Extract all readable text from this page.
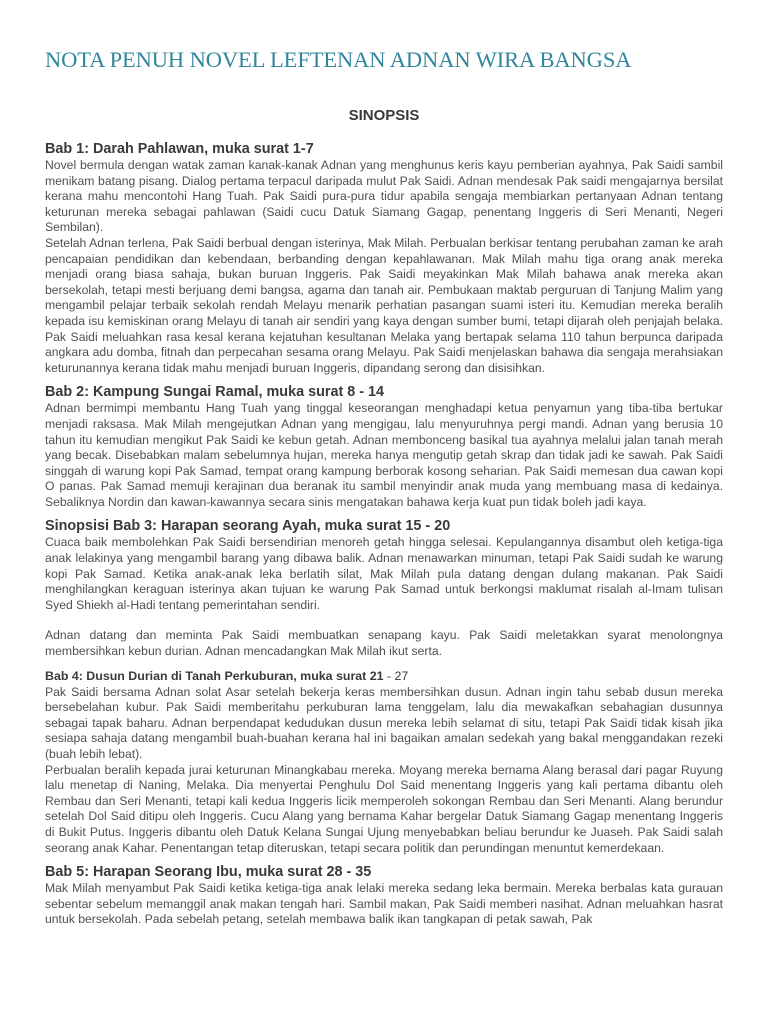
NOTA PENUH NOVEL LEFTENAN ADNAN WIRA BANGSA
SINOPSIS
Bab 1: Darah Pahlawan, muka surat 1-7

Novel bermula dengan watak zaman kanak-kanak Adnan yang menghunus keris kayu pemberian ayahnya, Pak Saidi sambil menikam batang pisang. Dialog pertama terpacul daripada mulut Pak Saidi. Adnan mendesak Pak saidi mengajarnya bersilat kerana mahu mencontohi Hang Tuah. Pak Saidi pura-pura tidur apabila sengaja membiarkan pertanyaan Adnan tentang keturunan mereka sebagai pahlawan (Saidi cucu Datuk Siamang Gagap, penentang Inggeris di Seri Menanti, Negeri Sembilan).

Setelah Adnan terlena, Pak Saidi berbual dengan isterinya, Mak Milah. Perbualan berkisar tentang perubahan zaman ke arah pencapaian pendidikan dan kebendaan, berbanding dengan kepahlawanan. Mak Milah mahu tiga orang anak mereka menjadi orang biasa sahaja, bukan buruan Inggeris. Pak Saidi meyakinkan Mak Milah bahawa anak mereka akan bersekolah, tetapi mesti berjuang demi bangsa, agama dan tanah air. Pembukaan maktab perguruan di Tanjung Malim yang mengambil pelajar terbaik sekolah rendah Melayu menarik perhatian pasangan suami isteri itu. Kemudian mereka beralih kepada isu kemiskinan orang Melayu di tanah air sendiri yang kaya dengan sumber bumi, tetapi dijarah oleh penjajah belaka. Pak Saidi meluahkan rasa kesal kerana kejatuhan kesultanan Melaka yang bertapak selama 110 tahun berpunca daripada angkara adu domba, fitnah dan perpecahan sesama orang Melayu. Pak Saidi menjelaskan bahawa dia sengaja merahsiakan keturunannya kerana tidak mahu menjadi buruan Inggeris, dipandang serong dan disisihkan.

Bab 2: Kampung Sungai Ramal, muka surat 8 - 14

Adnan bermimpi membantu Hang Tuah yang tinggal keseorangan menghadapi ketua penyamun yang tiba-tiba bertukar menjadi raksasa. Mak Milah mengejutkan Adnan yang mengigau, lalu menyuruhnya pergi mandi. Adnan yang berusia 10 tahun itu kemudian mengikut Pak Saidi ke kebun getah. Adnan membonceng basikal tua ayahnya melalui jalan tanah merah yang becak. Disebabkan malam sebelumnya hujan, mereka hanya mengutip getah skrap dan tidak jadi ke sawah. Pak Saidi singgah di warung kopi Pak Samad, tempat orang kampung berborak kosong seharian. Pak Saidi memesan dua cawan kopi O panas. Pak Samad memuji kerajinan dua beranak itu sambil menyindir anak muda yang membuang masa di kedainya. Sebaliknya Nordin dan kawan-kawannya secara sinis mengatakan bahawa kerja kuat pun tidak boleh jadi kaya.

Sinopsisi Bab 3: Harapan seorang Ayah, muka surat 15 - 20

Cuaca baik membolehkan Pak Saidi bersendirian menoreh getah hingga selesai. Kepulangannya disambut oleh ketiga-tiga anak lelakinya yang mengambil barang yang dibawa balik. Adnan menawarkan minuman, tetapi Pak Saidi sudah ke warung kopi Pak Samad. Ketika anak-anak leka berlatih silat, Mak Milah pula datang dengan dulang makanan. Pak Saidi menghilangkan keraguan isterinya akan tujuan ke warung Pak Samad untuk berkongsi maklumat risalah al-Imam tulisan Syed Shiekh al-Hadi tentang pemerintahan sendiri.

Adnan datang dan meminta Pak Saidi membuatkan senapang kayu. Pak Saidi meletakkan syarat menolongnya membersihkan kebun durian. Adnan mencadangkan Mak Milah ikut serta.

Bab 4: Dusun Durian di Tanah Perkuburan, muka surat 21 - 27

Pak Saidi bersama Adnan solat Asar setelah bekerja keras membersihkan dusun. Adnan ingin tahu sebab dusun mereka bersebelahan kubur. Pak Saidi memberitahu perkuburan lama tenggelam, lalu dia mewakafkan sebahagian dusunnya sebagai tapak baharu. Adnan berpendapat kedudukan dusun mereka lebih selamat di situ, tetapi Pak Saidi tidak kisah jika sesiapa sahaja datang mengambil buah-buahan kerana hal ini bagaikan amalan sedekah yang bakal menggandakan rezeki (buah lebih lebat).

Perbualan beralih kepada jurai keturunan Minangkabau mereka. Moyang mereka bernama Alang berasal dari pagar Ruyung lalu menetap di Naning, Melaka. Dia menyertai Penghulu Dol Said menentang Inggeris yang kali pertama dibantu oleh Rembau dan Seri Menanti, tetapi kali kedua Inggeris licik memperoleh sokongan Rembau dan Seri Menanti. Alang berundur setelah Dol Said ditipu oleh Inggeris. Cucu Alang yang bernama Kahar bergelar Datuk Siamang Gagap menentang Inggeris di Bukit Putus. Inggeris dibantu oleh Datuk Kelana Sungai Ujung menyebabkan beliau berundur ke Juaseh. Pak Saidi salah seorang anak Kahar. Penentangan tetap diteruskan, tetapi secara politik dan perundingan menuntut kemerdekaan.

Bab 5: Harapan Seorang Ibu, muka surat 28 - 35

Mak Milah menyambut Pak Saidi ketika ketiga-tiga anak lelaki mereka sedang leka bermain. Mereka berbalas kata gurauan sebentar sebelum memanggil anak makan tengah hari. Sambil makan, Pak Saidi memberi nasihat. Adnan meluahkan hasrat untuk bersekolah. Pada sebelah petang, setelah membawa balik ikan tangkapan di petak sawah, Pak
